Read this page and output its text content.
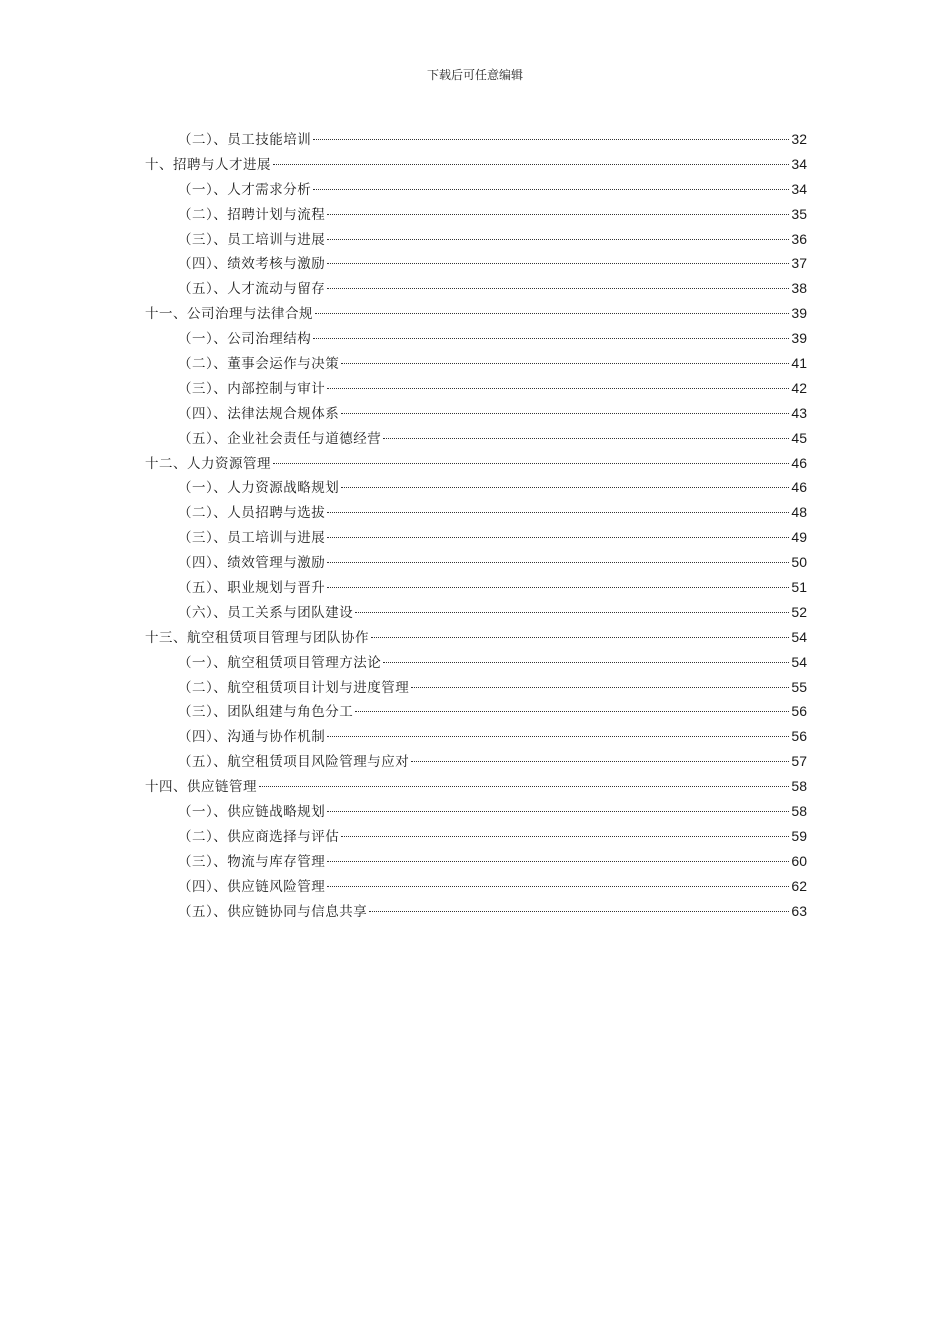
下载后可任意编辑
（二）、员工技能培训	32
十、招聘与人才进展	34
（一）、人才需求分析	34
（二）、招聘计划与流程	35
（三）、员工培训与进展	36
（四）、绩效考核与激励	37
（五）、人才流动与留存	38
十一、公司治理与法律合规	39
（一）、公司治理结构	39
（二）、董事会运作与决策	41
（三）、内部控制与审计	42
（四）、法律法规合规体系	43
（五）、企业社会责任与道德经营	45
十二、人力资源管理	46
（一）、人力资源战略规划	46
（二）、人员招聘与选拔	48
（三）、员工培训与进展	49
（四）、绩效管理与激励	50
（五）、职业规划与晋升	51
（六）、员工关系与团队建设	52
十三、航空租赁项目管理与团队协作	54
（一）、航空租赁项目管理方法论	54
（二）、航空租赁项目计划与进度管理	55
（三）、团队组建与角色分工	56
（四）、沟通与协作机制	56
（五）、航空租赁项目风险管理与应对	57
十四、供应链管理	58
（一）、供应链战略规划	58
（二）、供应商选择与评估	59
（三）、物流与库存管理	60
（四）、供应链风险管理	62
（五）、供应链协同与信息共享	63
